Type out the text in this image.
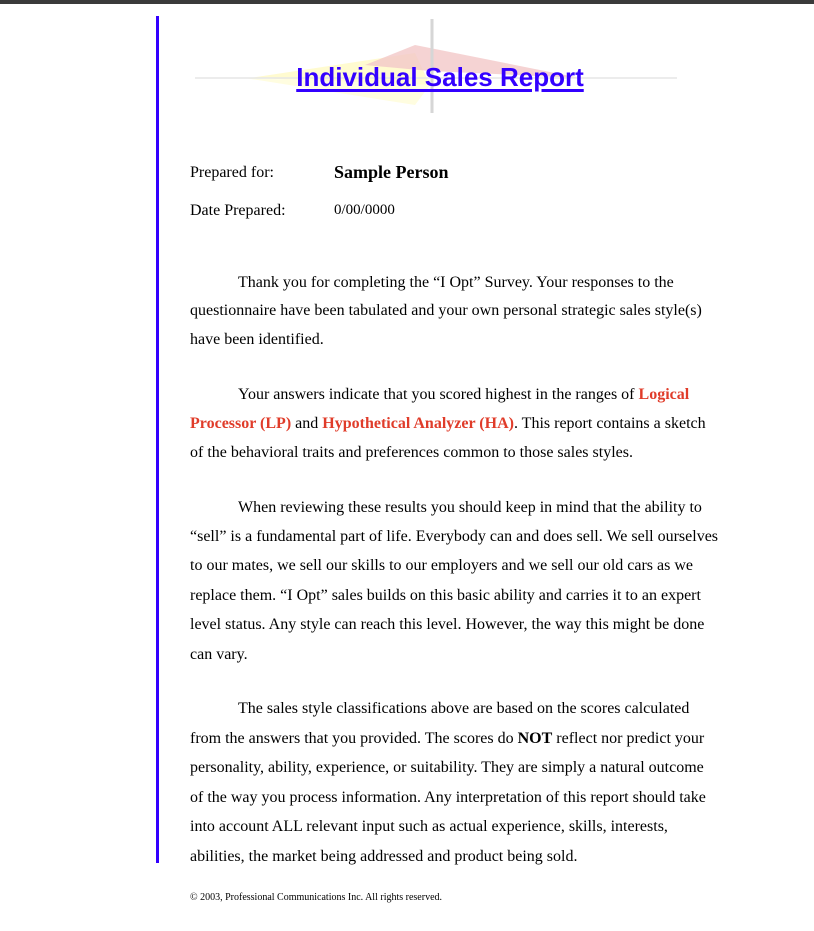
Individual Sales Report
Prepared for:	Sample Person
Date Prepared:	0/00/0000
Thank you for completing the “I Opt” Survey. Your responses to the
questionnaire have been tabulated and your own personal strategic sales style(s)
have been identified.
Your answers indicate that you scored highest in the ranges of Logical
Processor (LP) and Hypothetical Analyzer (HA). This report contains a sketch
of the behavioral traits and preferences common to those sales styles.
When reviewing these results you should keep in mind that the ability to
“sell” is a fundamental part of life. Everybody can and does sell. We sell ourselves
to our mates, we sell our skills to our employers and we sell our old cars as we
replace them. “I Opt” sales builds on this basic ability and carries it to an expert
level status. Any style can reach this level. However, the way this might be done
can vary.
The sales style classifications above are based on the scores calculated
from the answers that you provided. The scores do NOT reflect nor predict your
personality, ability, experience, or suitability. They are simply a natural outcome
of the way you process information. Any interpretation of this report should take
into account ALL relevant input such as actual experience, skills, interests,
abilities, the market being addressed and product being sold.
© 2003, Professional Communications Inc. All rights reserved.
